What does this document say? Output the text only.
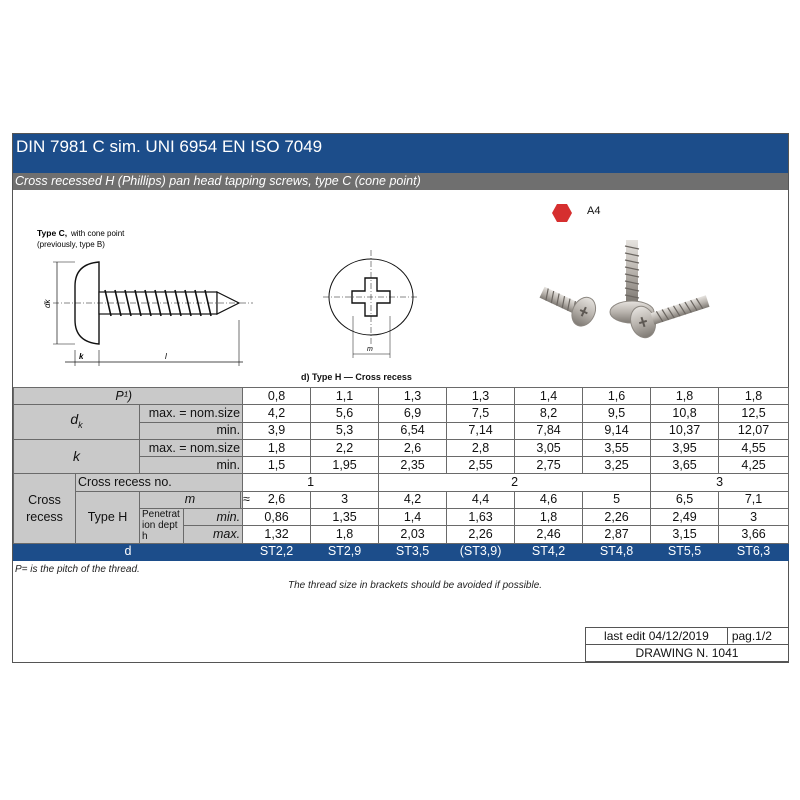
DIN 7981 C sim. UNI 6954 EN ISO 7049
Cross recessed H (Phillips) pan head tapping screws, type C (cone point)
Type C, with cone point
(previously, type B)
dk
k	l
m
d) Type H — Cross recess
A4
P¹)					0,8	1,1	1,3	1,3	1,4	1,6	1,8	1,8
$d_k$		max. = nom.size			4,2	5,6	6,9	7,5	8,2	9,5	10,8	12,5
		min.			3,9	5,3	6,54	7,14	7,84	9,14	10,37	12,07
k		max. = nom.size			1,8	2,2	2,6	2,8	3,05	3,55	3,95	4,55
		min.			1,5	1,95	2,35	2,55	2,75	3,25	3,65	4,25
Cross recess	Cross recess no.				1		2				3	
	Type H	m		≈	2,6	3	4,2	4,4	4,6	5	6,5	7,1
		Penetration depth	min.		0,86	1,35	1,4	1,63	1,8	2,26	2,49	3
			max.		1,32	1,8	2,03	2,26	2,46	2,87	3,15	3,66
d					ST2,2	ST2,9	ST3,5	(ST3,9)	ST4,2	ST4,8	ST5,5	ST6,3
P= is the pitch of the thread.
The thread size in brackets should be avoided if possible.
last edit 04/12/2019	pag.1/2
DRAWING N. 1041
